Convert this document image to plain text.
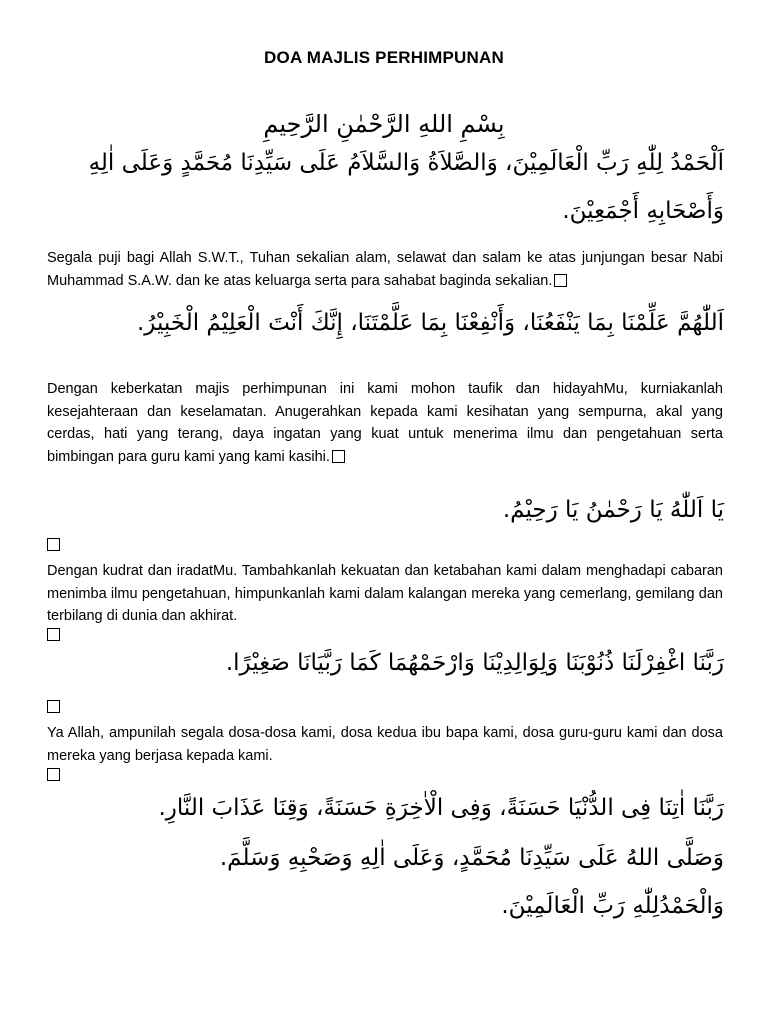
DOA MAJLIS PERHIMPUNAN
بِسْمِ اللهِ الرَّحْمٰنِ الرَّحِيمِ
اَلْحَمْدُ لِلّٰهِ رَبِّ الْعَالَمِيْنَ، وَالصَّلاَةُ وَالسَّلاَمُ عَلَى سَيِّدِنَا مُحَمَّدٍ وَعَلَى اٰلِهِ
وَأَصْحَابِهِ أَجْمَعِيْنَ.
Segala puji bagi Allah S.W.T., Tuhan sekalian alam, selawat dan salam ke atas junjungan besar Nabi Muhammad S.A.W. dan ke atas keluarga serta para sahabat baginda sekalian.
اَللّٰهُمَّ عَلِّمْنَا بِمَا يَنْفَعُنَا، وَأَنْفِعْنَا بِمَا عَلَّمْتَنَا، إِنَّكَ أَنْتَ الْعَلِيْمُ الْخَبِيْرُ.
Dengan keberkatan majis perhimpunan ini kami mohon taufik dan hidayahMu, kurniakanlah kesejahteraan dan keselamatan. Anugerahkan kepada kami kesihatan yang sempurna, akal yang cerdas, hati yang terang, daya ingatan yang kuat untuk menerima ilmu dan pengetahuan serta bimbingan para guru kami yang kami kasihi.
يَا اَللّٰهُ يَا رَحْمٰنُ يَا رَحِيْمُ.
Dengan kudrat dan iradatMu. Tambahkanlah kekuatan dan ketabahan kami dalam menghadapi cabaran menimba ilmu pengetahuan, himpunkanlah kami dalam kalangan mereka yang cemerlang, gemilang dan terbilang di dunia dan akhirat.
رَبَّنَا اغْفِرْلَنَا ذُنُوْبَنَا وَلِوَالِدِيْنَا وَارْحَمْهُمَا كَمَا رَبَّيَانَا صَغِيْرًا.
Ya Allah, ampunilah segala dosa-dosa kami, dosa kedua ibu bapa kami, dosa guru-guru kami dan dosa mereka yang berjasa kepada kami.
رَبَّنَا اٰتِنَا فِى الدُّنْيَا حَسَنَةً، وَفِى الْاٰخِرَةِ حَسَنَةً، وَقِنَا عَذَابَ النَّارِ.
وَصَلَّى اللهُ عَلَى سَيِّدِنَا مُحَمَّدٍ، وَعَلَى اٰلِهِ وَصَحْبِهِ وَسَلَّمَ.
وَالْحَمْدُلِلّٰهِ رَبِّ الْعَالَمِيْنَ.
